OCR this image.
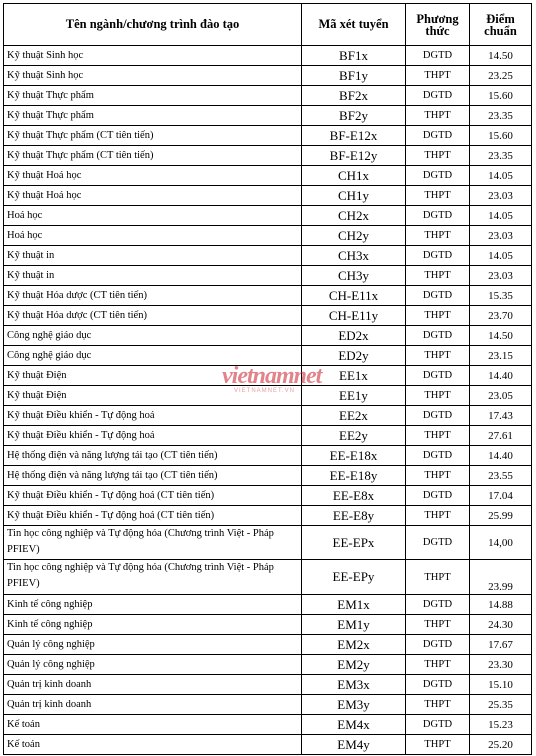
Tên ngành/chương trình đào tạo	Mã xét tuyển	Phương thức	Điểm chuẩn
Kỹ thuật Sinh học	BF1x	DGTD	14.50
Kỹ thuật Sinh học	BF1y	THPT	23.25
Kỹ thuật Thực phẩm	BF2x	DGTD	15.60
Kỹ thuật Thực phẩm	BF2y	THPT	23.35
Kỹ thuật Thực phẩm (CT tiên tiến)	BF-E12x	DGTD	15.60
Kỹ thuật Thực phẩm (CT tiên tiến)	BF-E12y	THPT	23.35
Kỹ thuật Hoá học	CH1x	DGTD	14.05
Kỹ thuật Hoá học	CH1y	THPT	23.03
Hoá học	CH2x	DGTD	14.05
Hoá học	CH2y	THPT	23.03
Kỹ thuật in	CH3x	DGTD	14.05
Kỹ thuật in	CH3y	THPT	23.03
Kỹ thuật Hóa dược (CT tiên tiến)	CH-E11x	DGTD	15.35
Kỹ thuật Hóa dược (CT tiên tiến)	CH-E11y	THPT	23.70
Công nghệ giáo dục	ED2x	DGTD	14.50
Công nghệ giáo dục	ED2y	THPT	23.15
Kỹ thuật Điện	EE1x	DGTD	14.40
Kỹ thuật Điện	EE1y	THPT	23.05
Kỹ thuật Điều khiển - Tự động hoá	EE2x	DGTD	17.43
Kỹ thuật Điều khiển - Tự động hoá	EE2y	THPT	27.61
Hệ thống điện và năng lượng tái tạo (CT tiên tiến)	EE-E18x	DGTD	14.40
Hệ thống điện và năng lượng tái tạo (CT tiên tiến)	EE-E18y	THPT	23.55
Kỹ thuật Điều khiển - Tự động hoá (CT tiên tiến)	EE-E8x	DGTD	17.04
Kỹ thuật Điều khiển - Tự động hoá (CT tiên tiến)	EE-E8y	THPT	25.99
Tin học công nghiệp và Tự động hóa (Chương trình Việt - Pháp PFIEV)	EE-EPx	DGTD	14,00
Tin học công nghiệp và Tự động hóa (Chương trình Việt - Pháp PFIEV)	EE-EPy	THPT	23.99
Kinh tế công nghiệp	EM1x	DGTD	14.88
Kinh tế công nghiệp	EM1y	THPT	24.30
Quản lý công nghiệp	EM2x	DGTD	17.67
Quản lý công nghiệp	EM2y	THPT	23.30
Quản trị kinh doanh	EM3x	DGTD	15.10
Quản trị kinh doanh	EM3y	THPT	25.35
Kế toán	EM4x	DGTD	15.23
Kế toán	EM4y	THPT	25.20
vietnamnet
VIETNAMNET.VN
